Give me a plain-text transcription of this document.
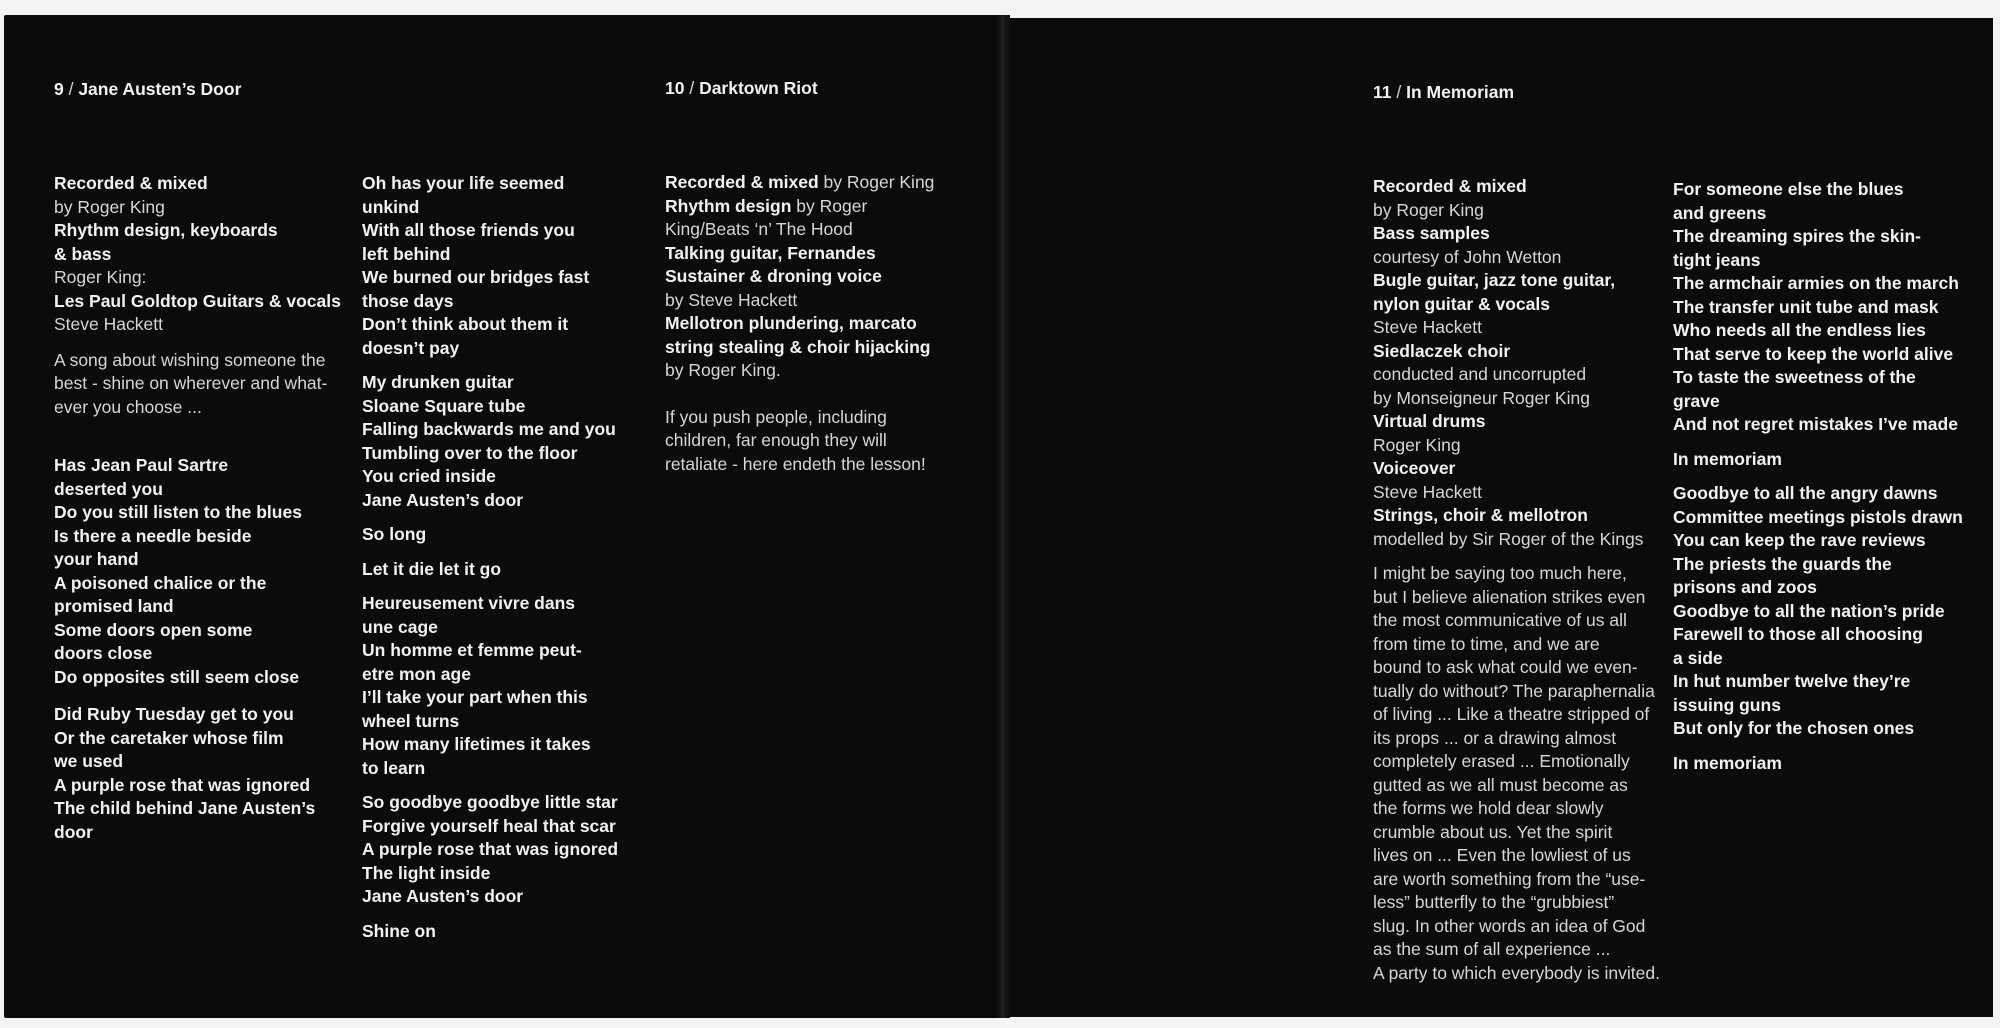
9 / Jane Austen’s Door

Recorded & mixed

by Roger King

Rhythm design, keyboards

& bass

Roger King:

Les Paul Goldtop Guitars & vocals

Steve Hackett

A song about wishing someone the

best - shine on wherever and what-

ever you choose ...

Has Jean Paul Sartre

deserted you

Do you still listen to the blues

Is there a needle beside

your hand

A poisoned chalice or the

promised land

Some doors open some

doors close

Do opposites still seem close

Did Ruby Tuesday get to you

Or the caretaker whose film

we used

A purple rose that was ignored

The child behind Jane Austen’s

door

Oh has your life seemed

unkind

With all those friends you

left behind

We burned our bridges fast

those days

Don’t think about them it

doesn’t pay

My drunken guitar

Sloane Square tube

Falling backwards me and you

Tumbling over to the floor

You cried inside

Jane Austen’s door

So long

Let it die let it go

Heureusement vivre dans

une cage

Un homme et femme peut-

etre mon age

I’ll take your part when this

wheel turns

How many lifetimes it takes

to learn

So goodbye goodbye little star

Forgive yourself heal that scar

A purple rose that was ignored

The light inside

Jane Austen’s door

Shine on

10 / Darktown Riot

Recorded & mixed by Roger King

Rhythm design by Roger

King/Beats ‘n’ The Hood

Talking guitar, Fernandes

Sustainer & droning voice

by Steve Hackett

Mellotron plundering, marcato

string stealing & choir hijacking

by Roger King.

If you push people, including

children, far enough they will

retaliate - here endeth the lesson!

11 / In Memoriam

Recorded & mixed

by Roger King

Bass samples

courtesy of John Wetton

Bugle guitar, jazz tone guitar,

nylon guitar & vocals

Steve Hackett

Siedlaczek choir

conducted and uncorrupted

by Monseigneur Roger King

Virtual drums

Roger King

Voiceover

Steve Hackett

Strings, choir & mellotron

modelled by Sir Roger of the Kings

I might be saying too much here,

but I believe alienation strikes even

the most communicative of us all

from time to time, and we are

bound to ask what could we even-

tually do without? The paraphernalia

of living ... Like a theatre stripped of

its props ... or a drawing almost

completely erased ... Emotionally

gutted as we all must become as

the forms we hold dear slowly

crumble about us. Yet the spirit

lives on ... Even the lowliest of us

are worth something from the “use-

less” butterfly to the “grubbiest”

slug. In other words an idea of God

as the sum of all experience ...

A party to which everybody is invited.

For someone else the blues

and greens

The dreaming spires the skin-

tight jeans

The armchair armies on the march

The transfer unit tube and mask

Who needs all the endless lies

That serve to keep the world alive

To taste the sweetness of the

grave

And not regret mistakes I’ve made

In memoriam

Goodbye to all the angry dawns

Committee meetings pistols drawn

You can keep the rave reviews

The priests the guards the

prisons and zoos

Goodbye to all the nation’s pride

Farewell to those all choosing

a side

In hut number twelve they’re

issuing guns

But only for the chosen ones

In memoriam
